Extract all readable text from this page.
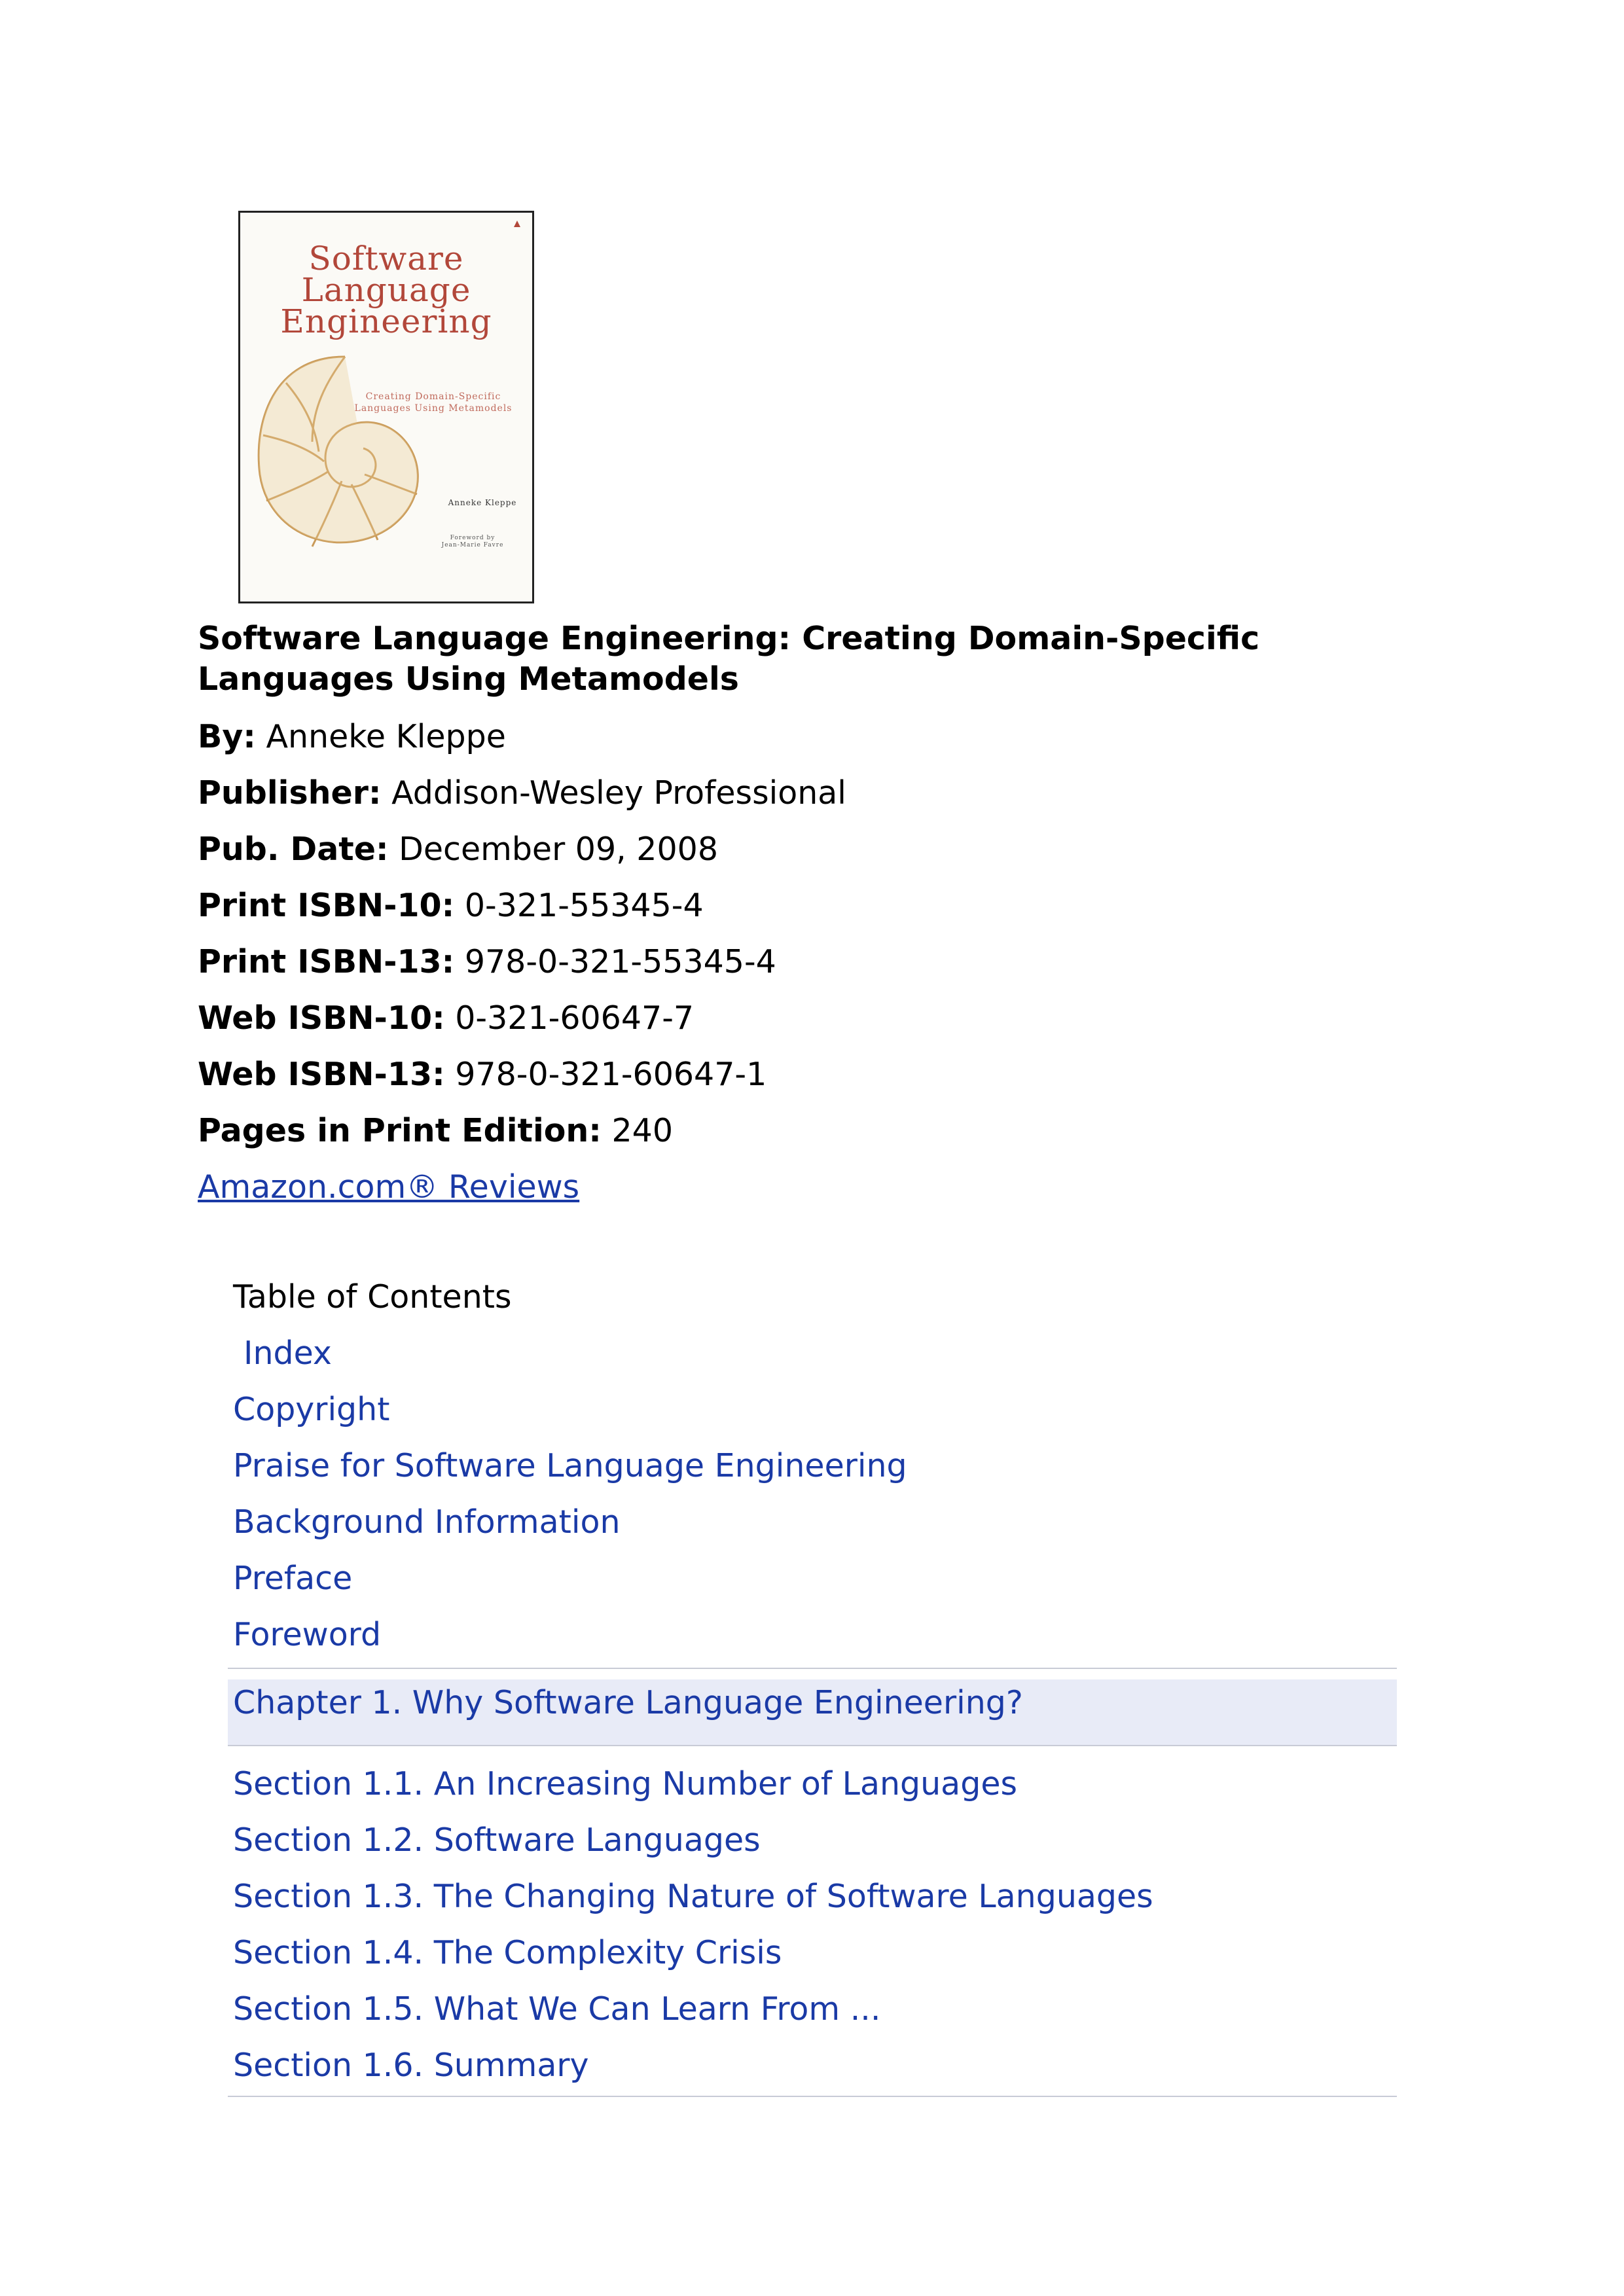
Software
Language
Engineering
Creating Domain-Specific
Languages Using Metamodels
Anneke Kleppe
Foreword by
Jean-Marie Favre
Software Language Engineering: Creating Domain-Specific Languages Using Metamodels
By: Anneke Kleppe
Publisher: Addison-Wesley Professional
Pub. Date: December 09, 2008
Print ISBN-10: 0-321-55345-4
Print ISBN-13: 978-0-321-55345-4
Web ISBN-10: 0-321-60647-7
Web ISBN-13: 978-0-321-60647-1
Pages in Print Edition: 240
Amazon.com® Reviews
Table of Contents
Index
Copyright
Praise for Software Language Engineering
Background Information
Preface
Foreword
Chapter 1. Why Software Language Engineering?
Section 1.1. An Increasing Number of Languages
Section 1.2. Software Languages
Section 1.3. The Changing Nature of Software Languages
Section 1.4. The Complexity Crisis
Section 1.5. What We Can Learn From ...
Section 1.6. Summary
